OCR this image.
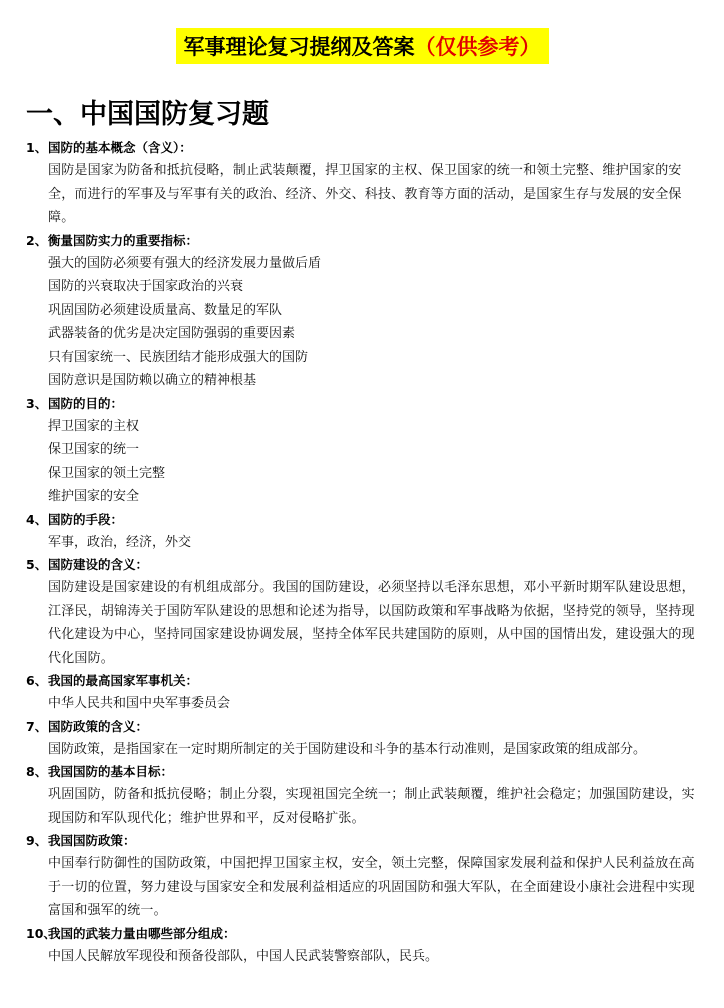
军事理论复习提纲及答案（仅供参考）
一、中国国防复习题
1、国防的基本概念（含义）：
国防是国家为防备和抵抗侵略，制止武装颠覆，捍卫国家的主权、保卫国家的统一和领土完整、维护国家的安全，而进行的军事及与军事有关的政治、经济、外交、科技、教育等方面的活动，是国家生存与发展的安全保障。
2、衡量国防实力的重要指标：
强大的国防必须要有强大的经济发展力量做后盾
国防的兴衰取决于国家政治的兴衰
巩固国防必须建设质量高、数量足的军队
武器装备的优劣是决定国防强弱的重要因素
只有国家统一、民族团结才能形成强大的国防
国防意识是国防赖以确立的精神根基
3、国防的目的：
捍卫国家的主权
保卫国家的统一
保卫国家的领土完整
维护国家的安全
4、国防的手段：
军事，政治，经济，外交
5、国防建设的含义：
国防建设是国家建设的有机组成部分。我国的国防建设，必须坚持以毛泽东思想，邓小平新时期军队建设思想，江泽民，胡锦涛关于国防军队建设的思想和论述为指导，以国防政策和军事战略为依据，坚持党的领导，坚持现代化建设为中心，坚持同国家建设协调发展，坚持全体军民共建国防的原则，从中国的国情出发，建设强大的现代化国防。
6、我国的最高国家军事机关：
中华人民共和国中央军事委员会
7、国防政策的含义：
国防政策，是指国家在一定时期所制定的关于国防建设和斗争的基本行动准则，是国家政策的组成部分。
8、我国国防的基本目标：
巩固国防，防备和抵抗侵略；制止分裂，实现祖国完全统一；制止武装颠覆，维护社会稳定；加强国防建设，实现国防和军队现代化；维护世界和平，反对侵略扩张。
9、我国国防政策：
中国奉行防御性的国防政策，中国把捍卫国家主权，安全，领土完整，保障国家发展利益和保护人民利益放在高于一切的位置，努力建设与国家安全和发展利益相适应的巩固国防和强大军队，在全面建设小康社会进程中实现富国和强军的统一。
10、我国的武装力量由哪些部分组成：
中国人民解放军现役和预备役部队，中国人民武装警察部队，民兵。
